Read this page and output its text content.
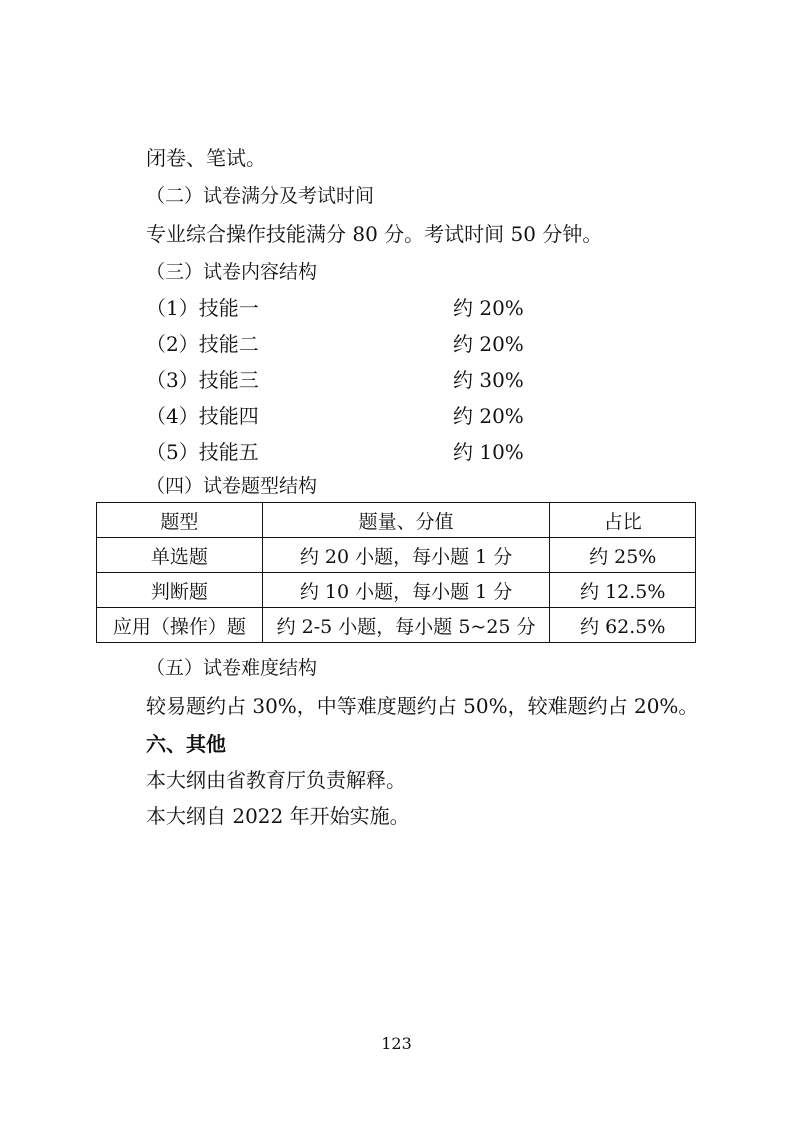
闭卷、笔试。
（二）试卷满分及考试时间
专业综合操作技能满分 80 分。考试时间 50 分钟。
（三）试卷内容结构
（1）技能一	约 20%
（2）技能二	约 20%
（3）技能三	约 30%
（4）技能四	约 20%
（5）技能五	约 10%
（四）试卷题型结构
题型	题量、分值	占比
单选题	约 20 小题，每小题 1 分	约 25%
判断题	约 10 小题，每小题 1 分	约 12.5%
应用（操作）题	约 2-5 小题，每小题 5~25 分	约 62.5%
（五）试卷难度结构
较易题约占 30%，中等难度题约占 50%，较难题约占 20%。
六、其他
本大纲由省教育厅负责解释。
本大纲自 2022 年开始实施。
123
